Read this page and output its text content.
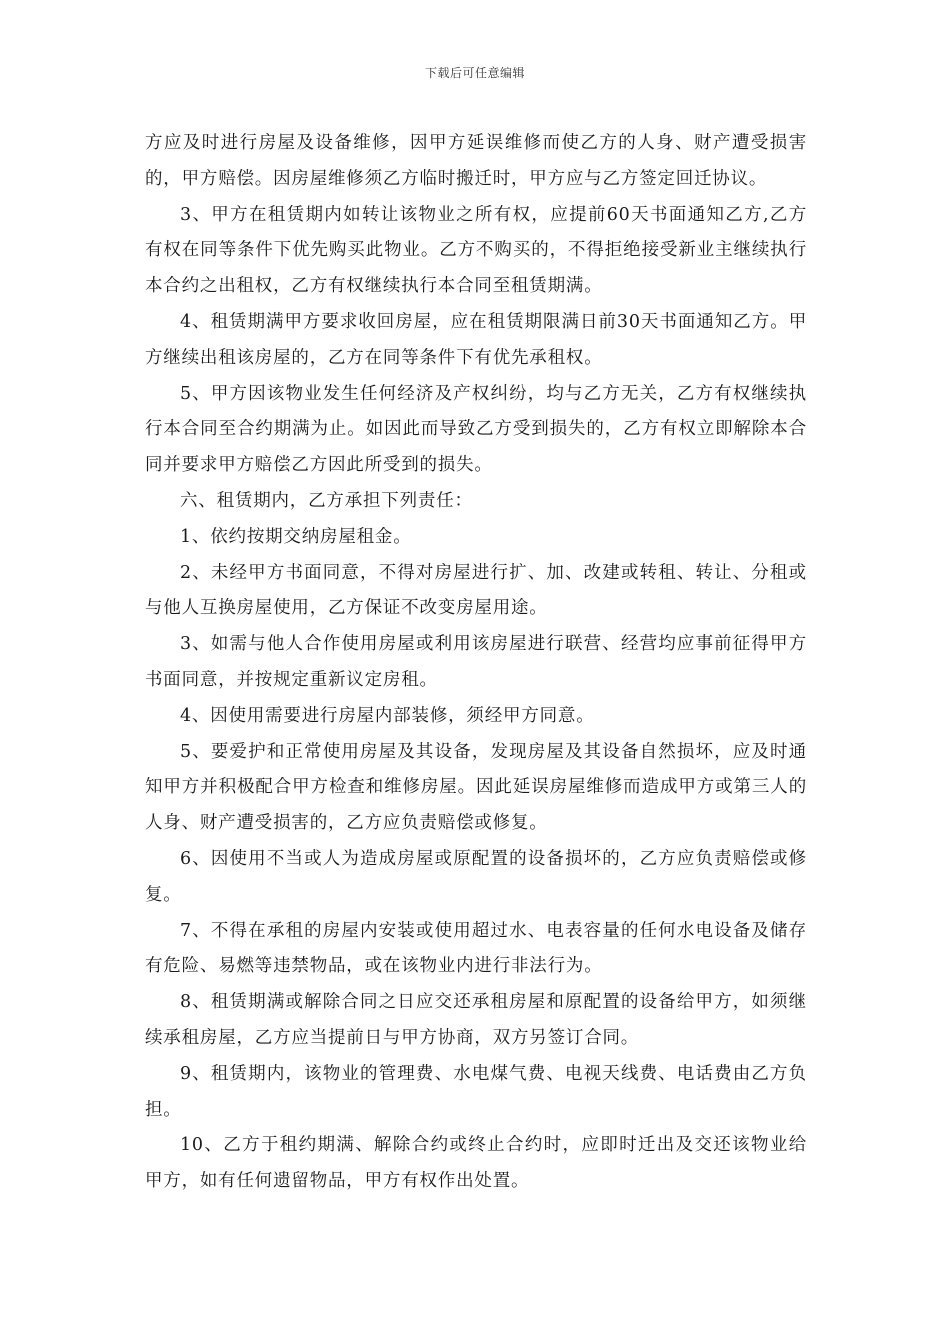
下载后可任意编辑

方应及时进行房屋及设备维修，因甲方延误维修而使乙方的人身、财产遭受损害的，甲方赔偿。因房屋维修须乙方临时搬迁时，甲方应与乙方签定回迁协议。

3、甲方在租赁期内如转让该物业之所有权，应提前60天书面通知乙方,乙方有权在同等条件下优先购买此物业。乙方不购买的，不得拒绝接受新业主继续执行本合约之出租权，乙方有权继续执行本合同至租赁期满。

4、租赁期满甲方要求收回房屋，应在租赁期限满日前30天书面通知乙方。甲方继续出租该房屋的，乙方在同等条件下有优先承租权。

5、甲方因该物业发生任何经济及产权纠纷，均与乙方无关，乙方有权继续执行本合同至合约期满为止。如因此而导致乙方受到损失的，乙方有权立即解除本合同并要求甲方赔偿乙方因此所受到的损失。

六、租赁期内，乙方承担下列责任：

1、依约按期交纳房屋租金。

2、未经甲方书面同意，不得对房屋进行扩、加、改建或转租、转让、分租或与他人互换房屋使用，乙方保证不改变房屋用途。

3、如需与他人合作使用房屋或利用该房屋进行联营、经营均应事前征得甲方书面同意，并按规定重新议定房租。

4、因使用需要进行房屋内部装修，须经甲方同意。

5、要爱护和正常使用房屋及其设备，发现房屋及其设备自然损坏，应及时通知甲方并积极配合甲方检查和维修房屋。因此延误房屋维修而造成甲方或第三人的人身、财产遭受损害的，乙方应负责赔偿或修复。

6、因使用不当或人为造成房屋或原配置的设备损坏的，乙方应负责赔偿或修复。

7、不得在承租的房屋内安装或使用超过水、电表容量的任何水电设备及储存有危险、易燃等违禁物品，或在该物业内进行非法行为。

8、租赁期满或解除合同之日应交还承租房屋和原配置的设备给甲方，如须继续承租房屋，乙方应当提前日与甲方协商，双方另签订合同。

9、租赁期内，该物业的管理费、水电煤气费、电视天线费、电话费由乙方负担。

10、乙方于租约期满、解除合约或终止合约时，应即时迁出及交还该物业给甲方，如有任何遗留物品，甲方有权作出处置。
